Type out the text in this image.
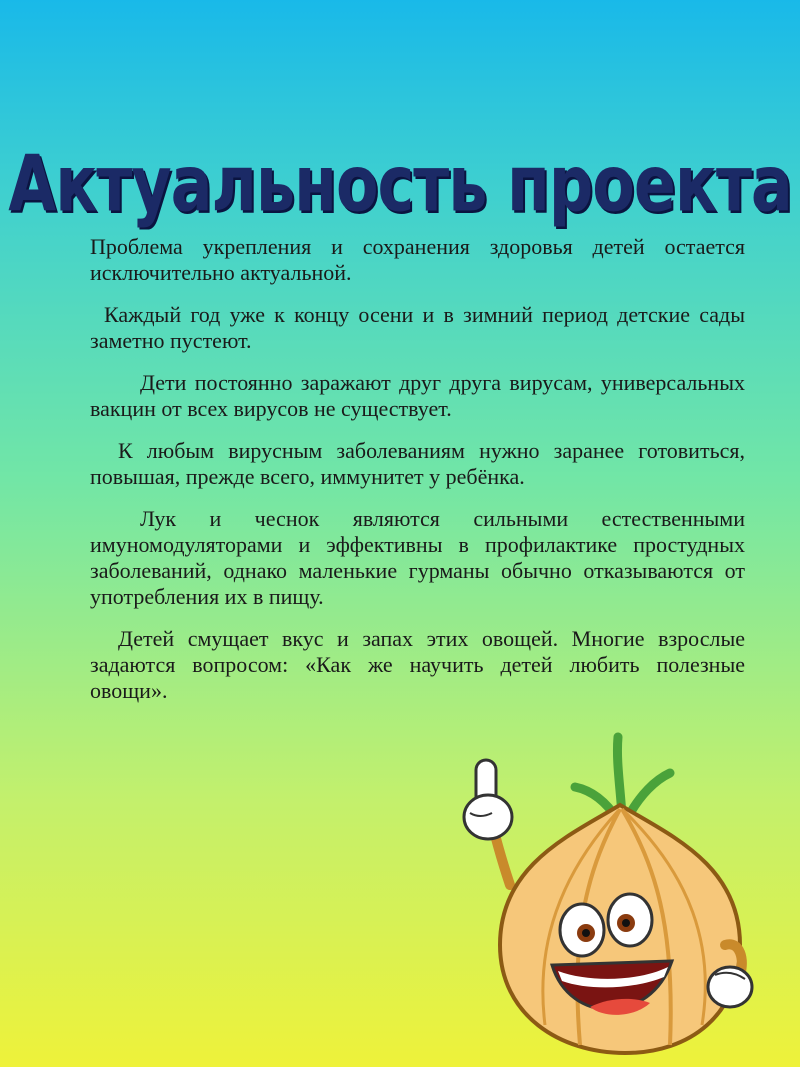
Актуальность проекта

Проблема укрепления и сохранения здоровья детей остается исключительно актуальной.

Каждый год уже к концу осени и в зимний период детские сады заметно пустеют.

Дети постоянно заражают друг друга вирусам, универсальных вакцин от всех вирусов не существует.

К любым вирусным заболеваниям нужно заранее готовиться, повышая, прежде всего, иммунитет у ребёнка.

Лук и чеснок являются сильными естественными имуномодуляторами и эффективны в профилактике простудных заболеваний, однако маленькие гурманы обычно отказываются от употребления их в пищу.

Детей смущает вкус и запах этих овощей. Многие взрослые задаются вопросом: «Как же научить детей любить полезные овощи».
